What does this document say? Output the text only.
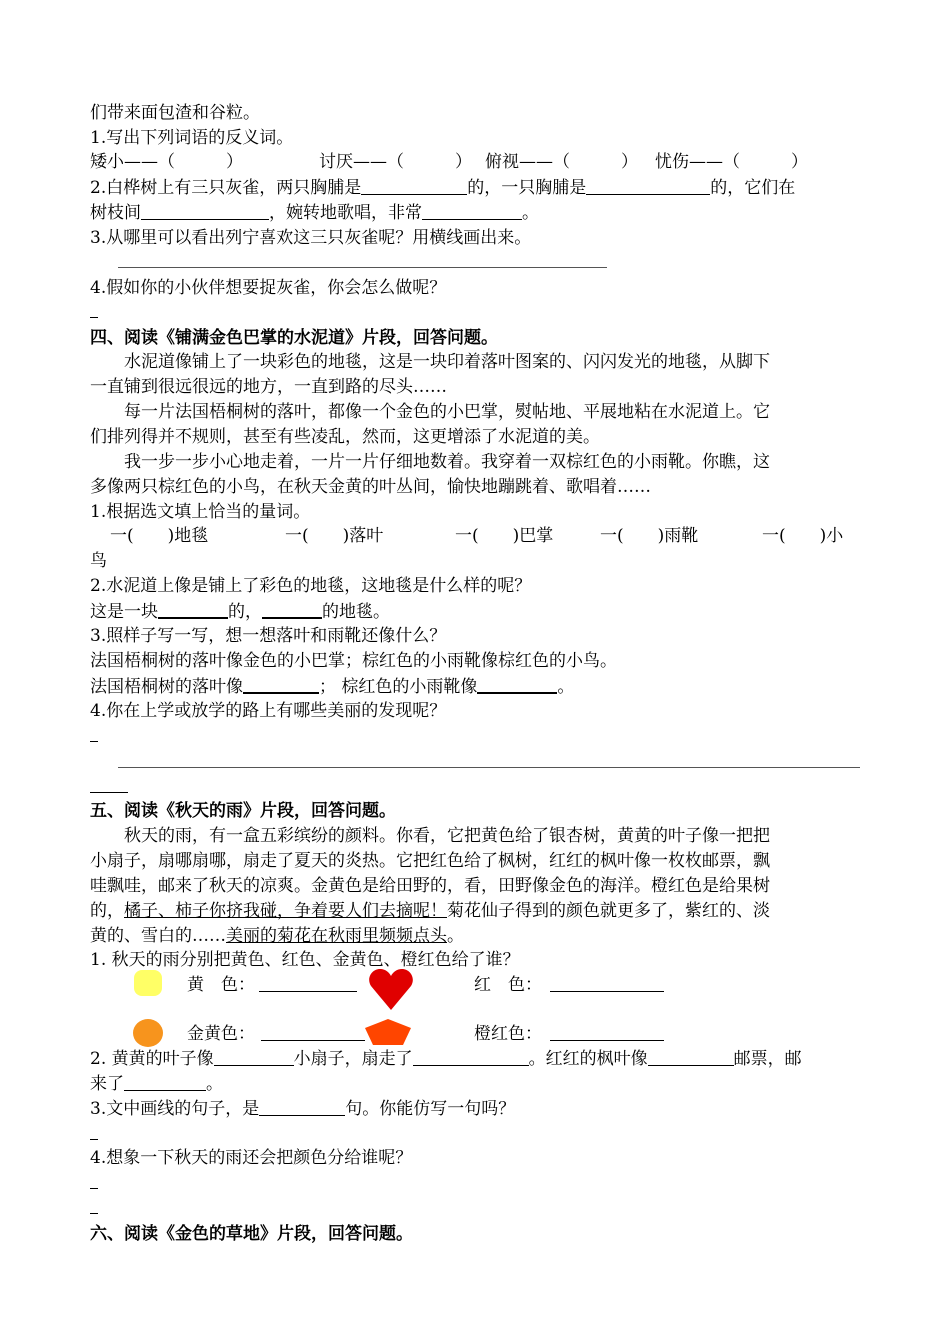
们带来面包渣和谷粒。
1.写出下列词语的反义词。
矮小——（　　　）	讨厌——（　　　） 俯视——（　　　） 忧伤——（　　　）
2.白桦树上有三只灰雀，两只胸脯是	的，一只胸脯是	的，它们在
树枝间	，婉转地歌唱，非常	。
3.从哪里可以看出列宁喜欢这三只灰雀呢？用横线画出来。
4.假如你的小伙伴想要捉灰雀，你会怎么做呢？
四、阅读《铺满金色巴掌的水泥道》片段，回答问题。
　　水泥道像铺上了一块彩色的地毯，这是一块印着落叶图案的、闪闪发光的地毯，从脚下
一直铺到很远很远的地方，一直到路的尽头……
　　每一片法国梧桐树的落叶，都像一个金色的小巴掌，熨帖地、平展地粘在水泥道上。它
们排列得并不规则，甚至有些凌乱，然而，这更增添了水泥道的美。
　　我一步一步小心地走着，一片一片仔细地数着。我穿着一双棕红色的小雨靴。你瞧，这
多像两只棕红色的小鸟，在秋天金黄的叶丛间，愉快地蹦跳着、歌唱着……
1.根据选文填上恰当的量词。
一(　　)地毯	一(　　)落叶	一(　　)巴掌	一(　　)雨靴	一(　　)小
鸟
2.水泥道上像是铺上了彩色的地毯，这地毯是什么样的呢？
这是一块	的，	的地毯。
3.照样子写一写，想一想落叶和雨靴还像什么？
法国梧桐树的落叶像金色的小巴掌；棕红色的小雨靴像棕红色的小鸟。
法国梧桐树的落叶像	； 棕红色的小雨靴像	。
4.你在上学或放学的路上有哪些美丽的发现呢？
五、阅读《秋天的雨》片段，回答问题。
　　秋天的雨，有一盒五彩缤纷的颜料。你看，它把黄色给了银杏树，黄黄的叶子像一把把
小扇子，扇哪扇哪，扇走了夏天的炎热。它把红色给了枫树，红红的枫叶像一枚枚邮票，飘
哇飘哇，邮来了秋天的凉爽。金黄色是给田野的，看，田野像金色的海洋。橙红色是给果树
的，橘子、柿子你挤我碰，争着要人们去摘呢！菊花仙子得到的颜色就更多了，紫红的、淡
黄的、雪白的……美丽的菊花在秋雨里频频点头。
1. 秋天的雨分别把黄色、红色、金黄色、橙红色给了谁？
黄　色：	红　色：
金黄色：	橙红色：
2. 黄黄的叶子像	小扇子，扇走了	。红红的枫叶像	邮票，邮
来了	。
3.文中画线的句子，是	句。你能仿写一句吗？
4.想象一下秋天的雨还会把颜色分给谁呢？
六、阅读《金色的草地》片段，回答问题。
